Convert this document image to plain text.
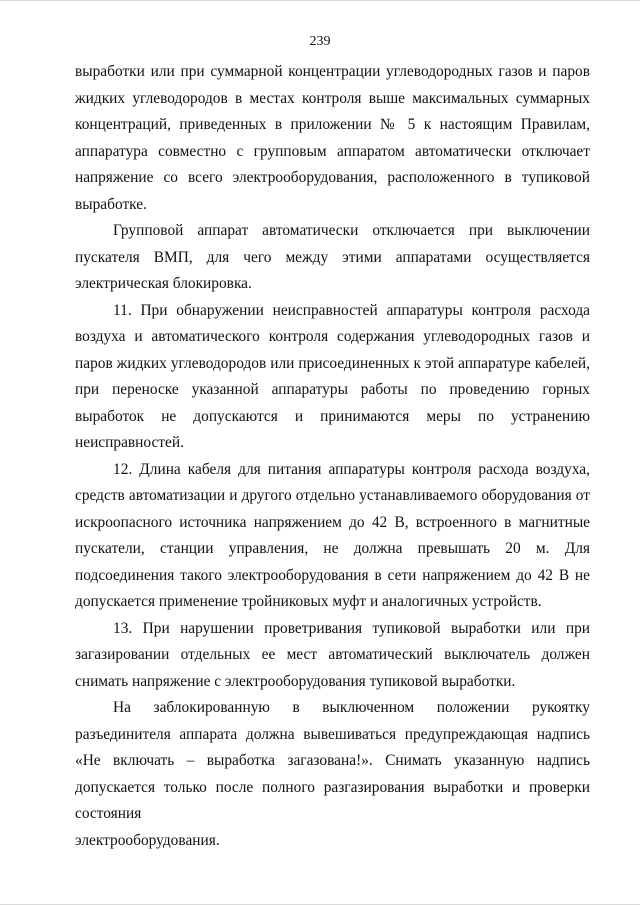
239

выработки или при суммарной концентрации углеводородных газов и паров жидких углеводородов в местах контроля выше максимальных суммарных концентраций, приведенных в приложении № 5 к настоящим Правилам, аппаратура совместно с групповым аппаратом автоматически отключает напряжение со всего электрооборудования, расположенного в тупиковой выработке.

Групповой аппарат автоматически отключается при выключении пускателя ВМП, для чего между этими аппаратами осуществляется электрическая блокировка.

11. При обнаружении неисправностей аппаратуры контроля расхода воздуха и автоматического контроля содержания углеводородных газов и паров жидких углеводородов или присоединенных к этой аппаратуре кабелей, при переноске указанной аппаратуры работы по проведению горных выработок не допускаются и принимаются меры по устранению неисправностей.

12. Длина кабеля для питания аппаратуры контроля расхода воздуха, средств автоматизации и другого отдельно устанавливаемого оборудования от искроопасного источника напряжением до 42 В, встроенного в магнитные пускатели, станции управления, не должна превышать 20 м. Для подсоединения такого электрооборудования в сети напряжением до 42 В не допускается применение тройниковых муфт и аналогичных устройств.

13. При нарушении проветривания тупиковой выработки или при загазировании отдельных ее мест автоматический выключатель должен снимать напряжение с электрооборудования тупиковой выработки.

На заблокированную в выключенном положении рукоятку разъединителя аппарата должна вывешиваться предупреждающая надпись «Не включать – выработка загазована!». Снимать указанную надпись допускается только после полного разгазирования выработки и проверки состояния

электрооборудования.
